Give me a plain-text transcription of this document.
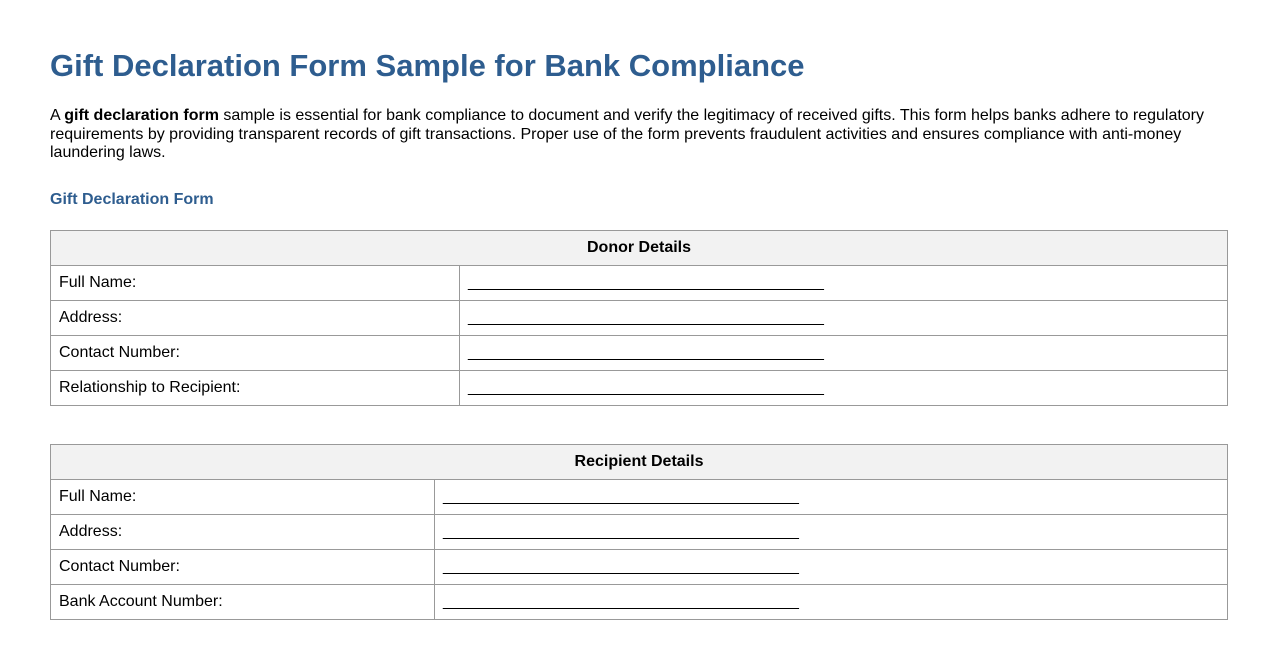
Gift Declaration Form Sample for Bank Compliance

A gift declaration form sample is essential for bank compliance to document and verify the legitimacy of received gifts. This form helps banks adhere to regulatory requirements by providing transparent records of gift transactions. Proper use of the form prevents fraudulent activities and ensures compliance with anti-money laundering laws.

Gift Declaration Form
Donor Details	
Full Name:	________________________________________
Address:	________________________________________
Contact Number:	________________________________________
Relationship to Recipient:	________________________________________
Recipient Details	
Full Name:	________________________________________
Address:	________________________________________
Contact Number:	________________________________________
Bank Account Number:	________________________________________
